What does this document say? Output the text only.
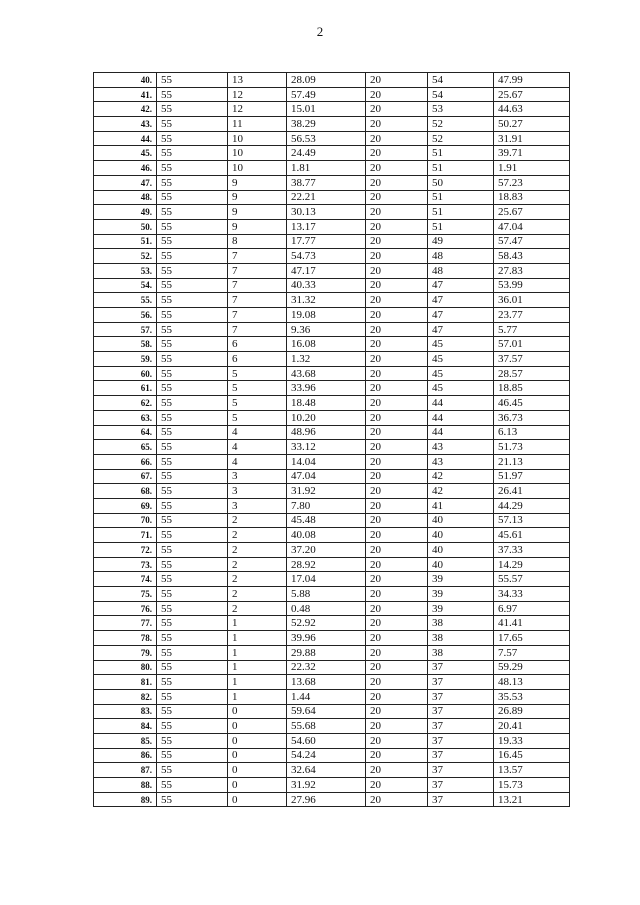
2
40.	55	13	28.09	20	54	47.99
41.	55	12	57.49	20	54	25.67
42.	55	12	15.01	20	53	44.63
43.	55	11	38.29	20	52	50.27
44.	55	10	56.53	20	52	31.91
45.	55	10	24.49	20	51	39.71
46.	55	10	1.81	20	51	1.91
47.	55	9	38.77	20	50	57.23
48.	55	9	22.21	20	51	18.83
49.	55	9	30.13	20	51	25.67
50.	55	9	13.17	20	51	47.04
51.	55	8	17.77	20	49	57.47
52.	55	7	54.73	20	48	58.43
53.	55	7	47.17	20	48	27.83
54.	55	7	40.33	20	47	53.99
55.	55	7	31.32	20	47	36.01
56.	55	7	19.08	20	47	23.77
57.	55	7	9.36	20	47	5.77
58.	55	6	16.08	20	45	57.01
59.	55	6	1.32	20	45	37.57
60.	55	5	43.68	20	45	28.57
61.	55	5	33.96	20	45	18.85
62.	55	5	18.48	20	44	46.45
63.	55	5	10.20	20	44	36.73
64.	55	4	48.96	20	44	6.13
65.	55	4	33.12	20	43	51.73
66.	55	4	14.04	20	43	21.13
67.	55	3	47.04	20	42	51.97
68.	55	3	31.92	20	42	26.41
69.	55	3	7.80	20	41	44.29
70.	55	2	45.48	20	40	57.13
71.	55	2	40.08	20	40	45.61
72.	55	2	37.20	20	40	37.33
73.	55	2	28.92	20	40	14.29
74.	55	2	17.04	20	39	55.57
75.	55	2	5.88	20	39	34.33
76.	55	2	0.48	20	39	6.97
77.	55	1	52.92	20	38	41.41
78.	55	1	39.96	20	38	17.65
79.	55	1	29.88	20	38	7.57
80.	55	1	22.32	20	37	59.29
81.	55	1	13.68	20	37	48.13
82.	55	1	1.44	20	37	35.53
83.	55	0	59.64	20	37	26.89
84.	55	0	55.68	20	37	20.41
85.	55	0	54.60	20	37	19.33
86.	55	0	54.24	20	37	16.45
87.	55	0	32.64	20	37	13.57
88.	55	0	31.92	20	37	15.73
89.	55	0	27.96	20	37	13.21
